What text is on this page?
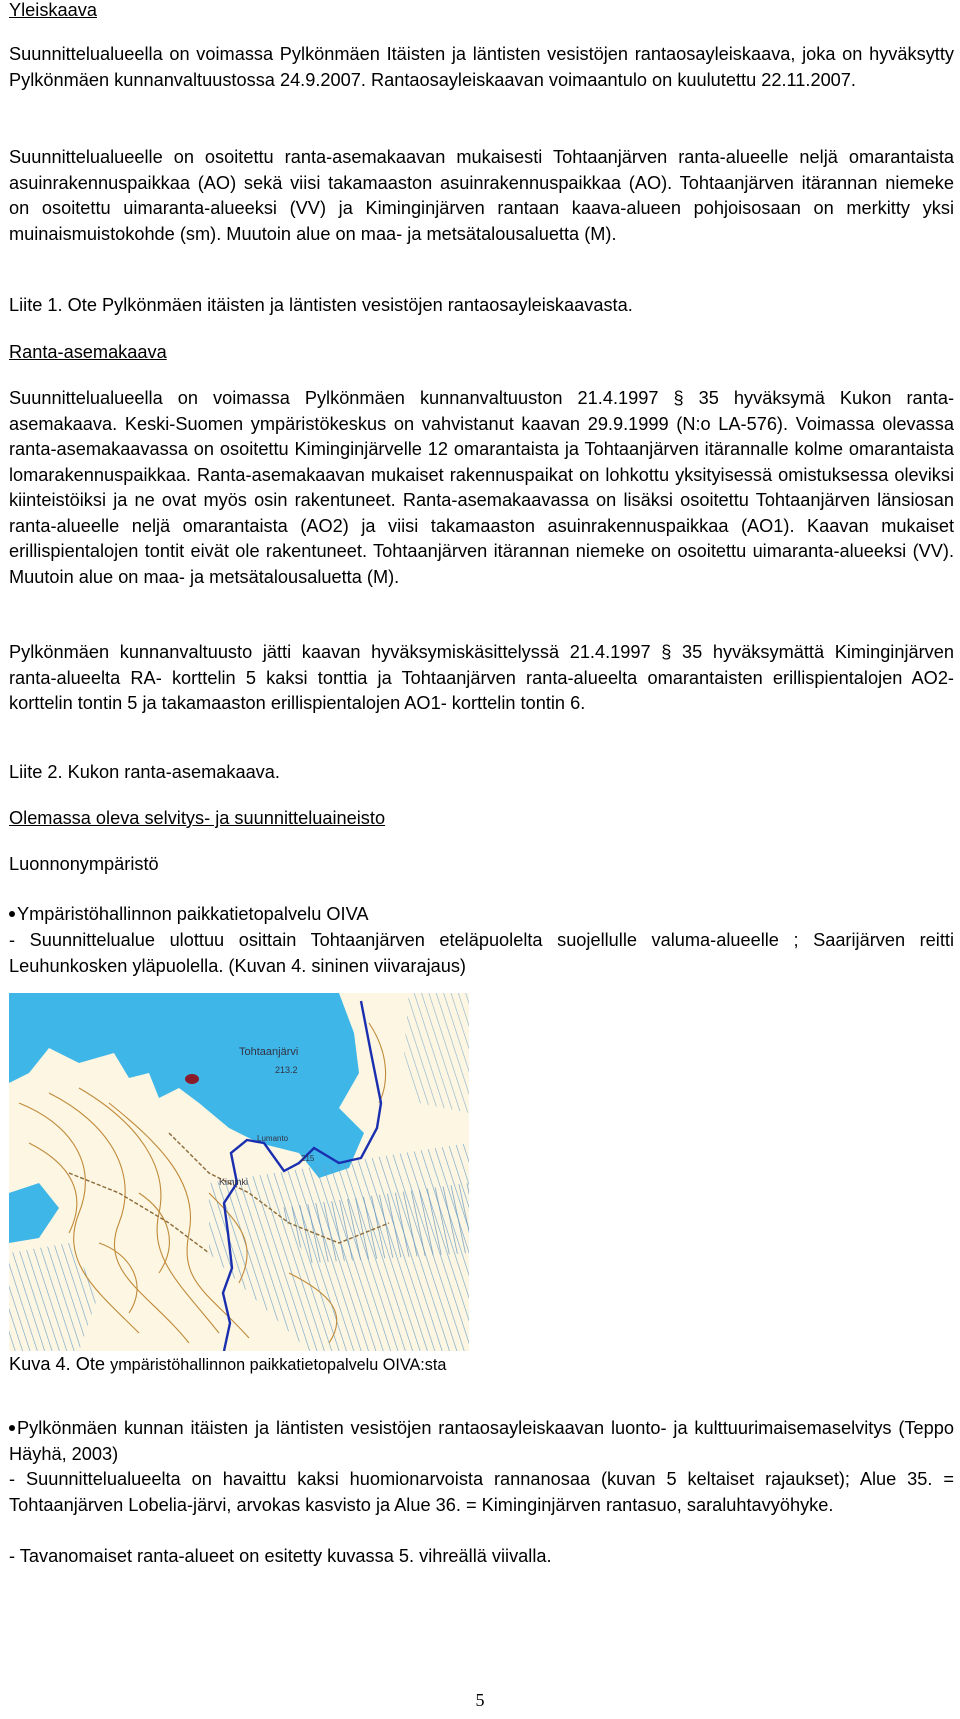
Yleiskaava

Suunnittelualueella on voimassa Pylkönmäen Itäisten ja läntisten vesistöjen rantaosayleiskaava, joka on hyväksytty Pylkönmäen kunnanvaltuustossa 24.9.2007. Rantaosayleiskaavan voimaantulo on kuulutettu 22.11.2007.

Suunnittelualueelle on osoitettu ranta-asemakaavan mukaisesti Tohtaanjärven ranta-alueelle neljä omarantaista asuinrakennuspaikkaa (AO) sekä viisi takamaaston asuinrakennuspaikkaa (AO). Tohtaanjärven itärannan niemeke on osoitettu uimaranta-alueeksi (VV) ja Kiminginjärven rantaan kaava-alueen pohjoisosaan on merkitty yksi muinaismuistokohde (sm). Muutoin alue on maa- ja metsätalousaluetta (M).

Liite 1. Ote Pylkönmäen itäisten ja läntisten vesistöjen rantaosayleiskaavasta.
Ranta-asemakaava

Suunnittelualueella on voimassa Pylkönmäen kunnanvaltuuston 21.4.1997 § 35 hyväksymä Kukon ranta-asemakaava. Keski-Suomen ympäristökeskus on vahvistanut kaavan 29.9.1999 (N:o LA-576). Voimassa olevassa ranta-asemakaavassa on osoitettu Kiminginjärvelle 12 omarantaista ja Tohtaanjärven itärannalle kolme omarantaista lomarakennuspaikkaa. Ranta-asemakaavan mukaiset rakennuspaikat on lohkottu yksityisessä omistuksessa oleviksi kiinteistöiksi ja ne ovat myös osin rakentuneet. Ranta-asemakaavassa on lisäksi osoitettu Tohtaanjärven länsiosan ranta-alueelle neljä omarantaista (AO2) ja viisi takamaaston asuinrakennuspaikkaa (AO1). Kaavan mukaiset erillispientalojen tontit eivät ole rakentuneet. Tohtaanjärven itärannan niemeke on osoitettu uimaranta-alueeksi (VV). Muutoin alue on maa- ja metsätalousaluetta (M).

Pylkönmäen kunnanvaltuusto jätti kaavan hyväksymiskäsittelyssä 21.4.1997 § 35 hyväksymättä Kiminginjärven ranta-alueelta RA- korttelin 5 kaksi tonttia ja Tohtaanjärven ranta-alueelta omarantaisten erillispientalojen AO2- korttelin tontin 5 ja takamaaston erillispientalojen AO1- korttelin tontin 6.

Liite 2. Kukon ranta-asemakaava.
Olemassa oleva selvitys- ja suunnitteluaineisto
Luonnonympäristö
Ympäristöhallinnon paikkatietopalvelu OIVA

- Suunnittelualue ulottuu osittain Tohtaanjärven eteläpuolelta suojellulle valuma-alueelle ; Saarijärven reitti Leuhunkosken yläpuolella. (Kuvan 4. sininen viivarajaus)

Tohtaanjärvi
213.2
Kiminki
Lumanto
215
Kuva 4. Ote ympäristöhallinnon paikkatietopalvelu OIVA:sta
Pylkönmäen kunnan itäisten ja läntisten vesistöjen rantaosayleiskaavan luonto- ja kulttuurimaisemaselvitys (Teppo Häyhä, 2003)

- Suunnittelualueelta on havaittu kaksi huomionarvoista rannanosaa (kuvan 5 keltaiset rajaukset); Alue 35. = Tohtaanjärven Lobelia-järvi, arvokas kasvisto ja Alue 36. = Kiminginjärven rantasuo, saraluhtavyöhyke.

- Tavanomaiset ranta-alueet on esitetty kuvassa 5. vihreällä viivalla.

5
